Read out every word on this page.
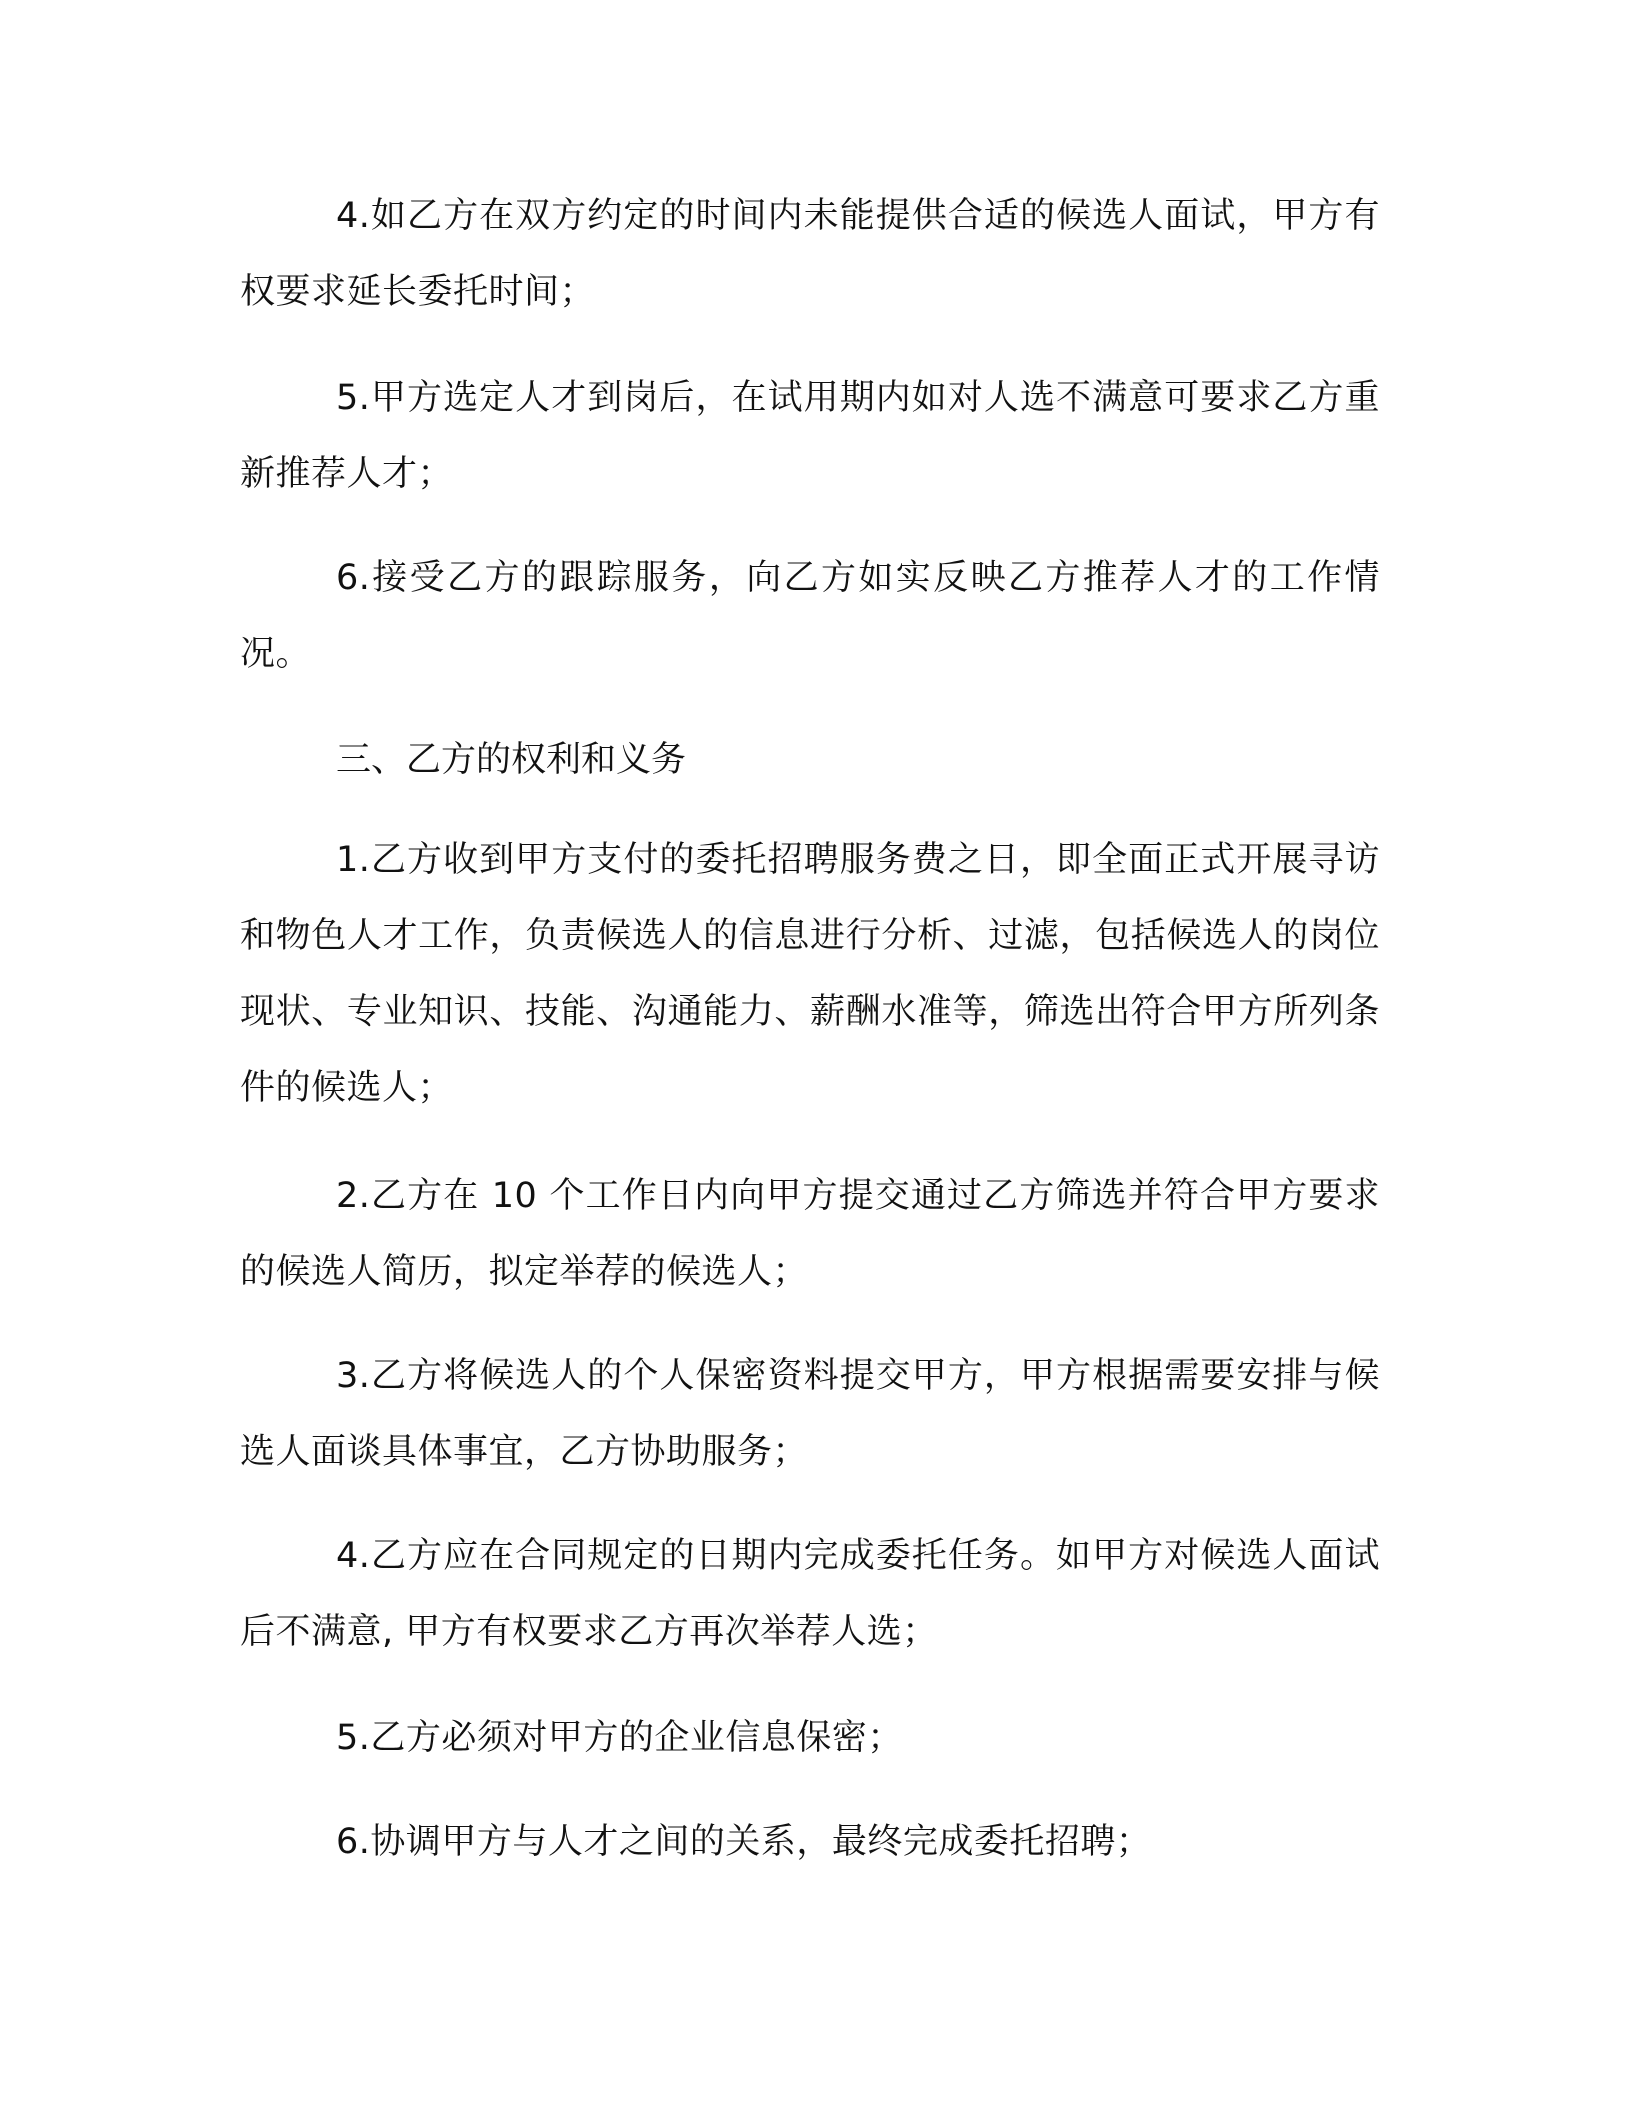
4.如乙方在双方约定的时间内未能提供合适的候选人面试，甲方有权要求延长委托时间；

5.甲方选定人才到岗后，在试用期内如对人选不满意可要求乙方重新推荐人才；

6.接受乙方的跟踪服务，向乙方如实反映乙方推荐人才的工作情况。

三、乙方的权利和义务

1.乙方收到甲方支付的委托招聘服务费之日，即全面正式开展寻访和物色人才工作，负责候选人的信息进行分析、过滤，包括候选人的岗位现状、专业知识、技能、沟通能力、薪酬水准等，筛选出符合甲方所列条件的候选人；

2.乙方在 10 个工作日内向甲方提交通过乙方筛选并符合甲方要求的候选人简历，拟定举荐的候选人；

3.乙方将候选人的个人保密资料提交甲方，甲方根据需要安排与候选人面谈具体事宜，乙方协助服务；

4.乙方应在合同规定的日期内完成委托任务。如甲方对候选人面试后不满意, 甲方有权要求乙方再次举荐人选；

5.乙方必须对甲方的企业信息保密；

6.协调甲方与人才之间的关系，最终完成委托招聘；
